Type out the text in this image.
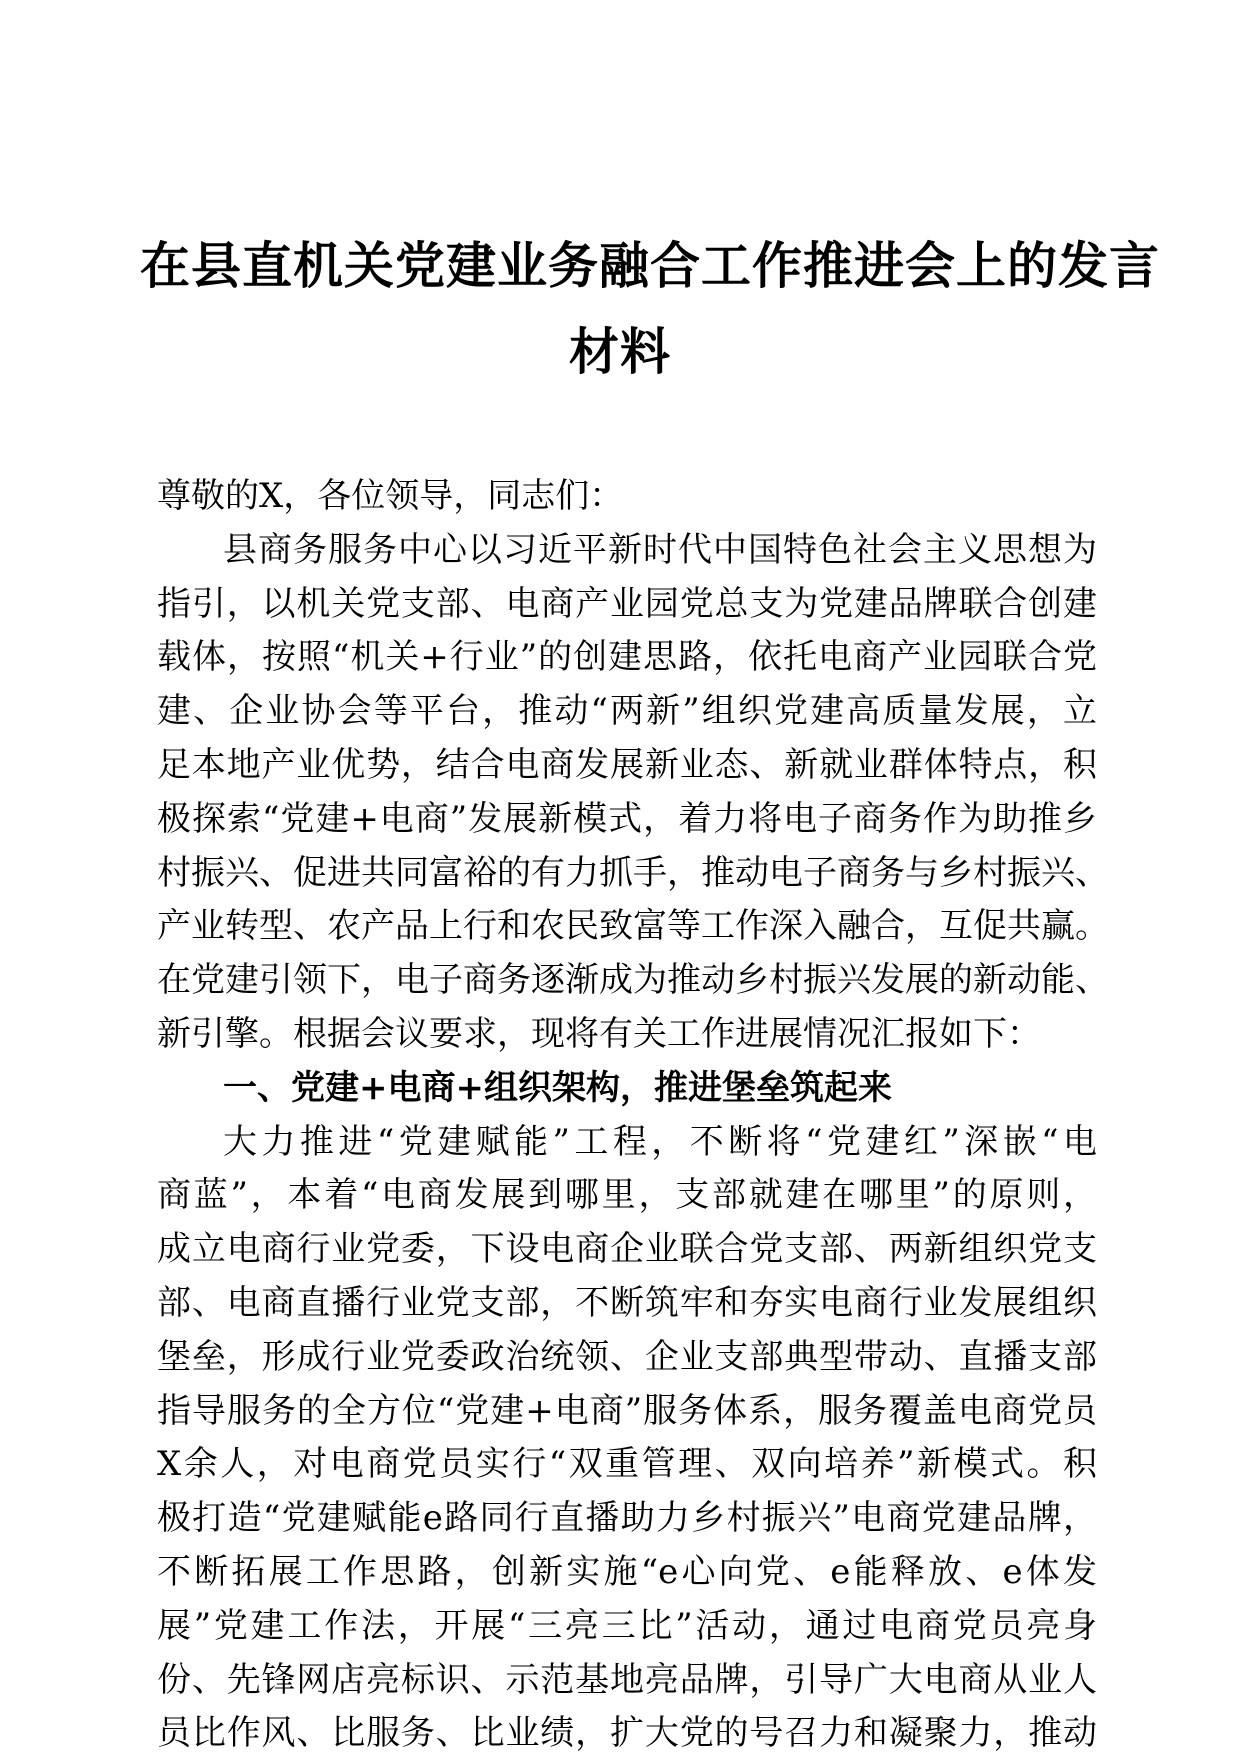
在县直机关党建业务融合工作推进会上的发言
材料
尊敬的X，各位领导，同志们：
县商务服务中心以习近平新时代中国特色社会主义思想为
指引，以机关党支部、电商产业园党总支为党建品牌联合创建
载体，按照“机关+行业”的创建思路，依托电商产业园联合党
建、企业协会等平台，推动“两新”组织党建高质量发展，立
足本地产业优势，结合电商发展新业态、新就业群体特点，积
极探索“党建+电商”发展新模式，着力将电子商务作为助推乡
村振兴、促进共同富裕的有力抓手，推动电子商务与乡村振兴、
产业转型、农产品上行和农民致富等工作深入融合，互促共赢。
在党建引领下，电子商务逐渐成为推动乡村振兴发展的新动能、
新引擎。根据会议要求，现将有关工作进展情况汇报如下：
一、党建+电商+组织架构，推进堡垒筑起来
大力推进“党建赋能”工程，不断将“党建红”深嵌“电
商蓝”，本着“电商发展到哪里，支部就建在哪里”的原则，
成立电商行业党委，下设电商企业联合党支部、两新组织党支
部、电商直播行业党支部，不断筑牢和夯实电商行业发展组织
堡垒，形成行业党委政治统领、企业支部典型带动、直播支部
指导服务的全方位“党建+电商”服务体系，服务覆盖电商党员
X余人，对电商党员实行“双重管理、双向培养”新模式。积
极打造“党建赋能e路同行直播助力乡村振兴”电商党建品牌，
不断拓展工作思路，创新实施“e心向党、e能释放、e体发
展”党建工作法，开展“三亮三比”活动，通过电商党员亮身
份、先锋网店亮标识、示范基地亮品牌，引导广大电商从业人
员比作风、比服务、比业绩，扩大党的号召力和凝聚力，推动
